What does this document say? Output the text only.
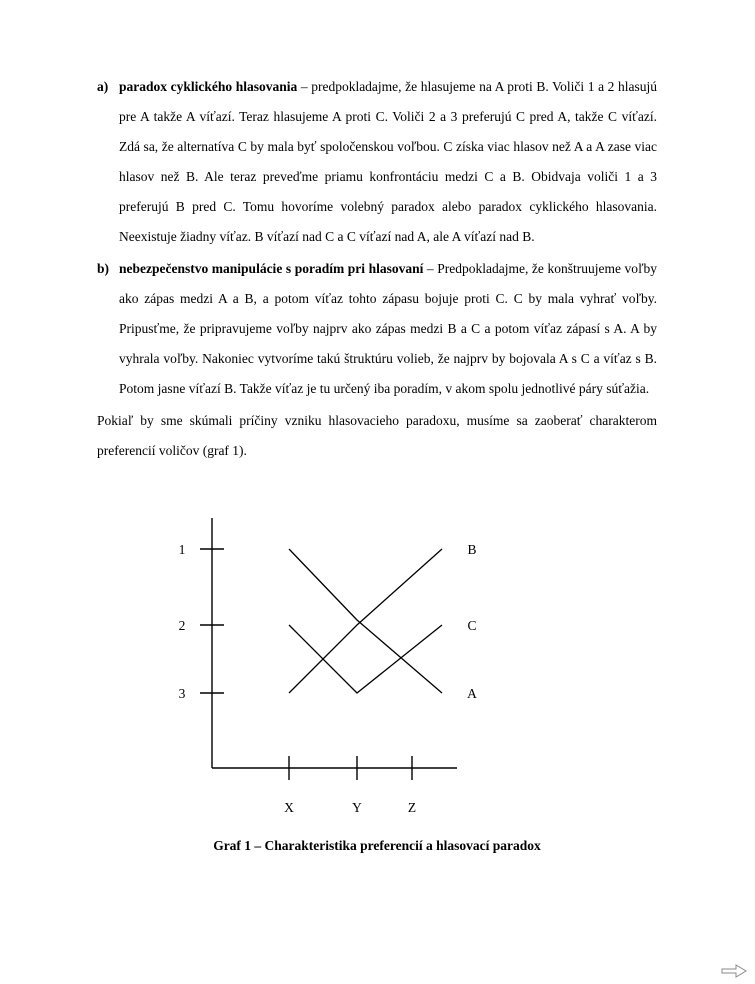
a) paradox cyklického hlasovania – predpokladajme, že hlasujeme na A proti B. Voliči 1 a 2 hlasujú pre A takže A víťazí. Teraz hlasujeme A proti C. Voliči 2 a 3 preferujú C pred A, takže C víťazí. Zdá sa, že alternatíva C by mala byť spoločenskou voľbou. C získa viac hlasov než A a A zase viac hlasov než B. Ale teraz preveďme priamu konfrontáciu medzi C a B. Obidvaja voliči 1 a 3 preferujú B pred C. Tomu hovoríme volebný paradox alebo paradox cyklického hlasovania. Neexistuje žiadny víťaz. B víťazí nad C a C víťazí nad A, ale A víťazí nad B.
b) nebezpečenstvo manipulácie s poradím pri hlasovaní – Predpokladajme, že konštruujeme voľby ako zápas medzi A a B, a potom víťaz tohto zápasu bojuje proti C. C by mala vyhrať voľby. Pripusťme, že pripravujeme voľby najprv ako zápas medzi B a C a potom víťaz zápasí s A. A by vyhrala voľby. Nakoniec vytvoríme takú štruktúru volieb, že najprv by bojovala A s C a víťaz s B. Potom jasne víťazí B. Takže víťaz je tu určený iba poradím, v akom spolu jednotlivé páry súťažia.
Pokiaľ by sme skúmali príčiny vzniku hlasovacieho paradoxu, musíme sa zaoberať charakterom preferencií voličov (graf 1).
1
2
3
X	Y	Z
B
C
A
Graf 1 – Charakteristika preferencií a hlasovací paradox
